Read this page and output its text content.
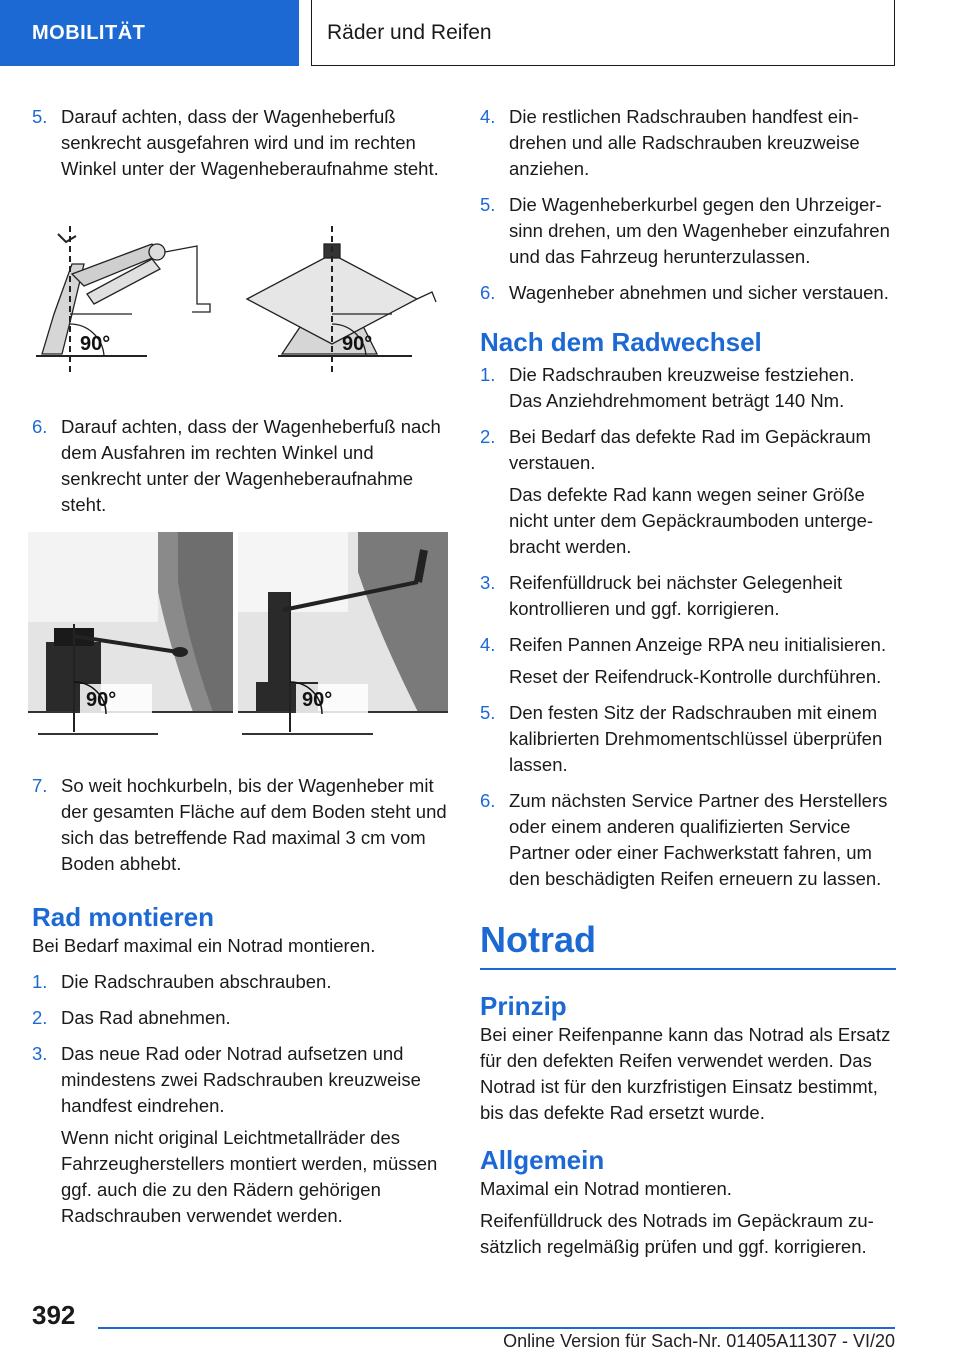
MOBILITÄT	Räder und Reifen
5. Darauf achten, dass der Wagenheberfuß senkrecht ausgefahren wird und im rechten Winkel unter der Wagenheberaufnahme steht.

90°	90°
6. Darauf achten, dass der Wagenheberfuß nach dem Ausfahren im rechten Winkel und senkrecht unter der Wagenheberaufnahme steht.

90°	90°
7. So weit hochkurbeln, bis der Wagenheber mit der gesamten Fläche auf dem Boden steht und sich das betreffende Rad maximal 3 cm vom Boden abhebt.

Rad montieren

Bei Bedarf maximal ein Notrad montieren.

1. Die Radschrauben abschrauben.

2. Das Rad abnehmen.

3. Das neue Rad oder Notrad aufsetzen und mindestens zwei Radschrauben kreuzweise handfest eindrehen.

Wenn nicht original Leichtmetallräder des Fahrzeugherstellers montiert werden, müssen ggf. auch die zu den Rädern gehörigen Radschrauben verwendet werden.

4. Die restlichen Radschrauben handfest eindrehen und alle Radschrauben kreuzweise anziehen.

5. Die Wagenheberkurbel gegen den Uhrzeigersinn drehen, um den Wagenheber einzufahren und das Fahrzeug herunterzulassen.

6. Wagenheber abnehmen und sicher verstauen.

Nach dem Radwechsel
1. Die Radschrauben kreuzweise festziehen.

Das Anziehdrehmoment beträgt 140 Nm.

2. Bei Bedarf das defekte Rad im Gepäckraum verstauen.

Das defekte Rad kann wegen seiner Größe nicht unter dem Gepäckraumboden untergebracht werden.

3. Reifenfülldruck bei nächster Gelegenheit kontrollieren und ggf. korrigieren.

4. Reifen Pannen Anzeige RPA neu initialisieren.

Reset der Reifendruck-Kontrolle durchführen.

5. Den festen Sitz der Radschrauben mit einem kalibrierten Drehmomentschlüssel überprüfen lassen.

6. Zum nächsten Service Partner des Herstellers oder einem anderen qualifizierten Service Partner oder einer Fachwerkstatt fahren, um den beschädigten Reifen erneuern zu lassen.

Notrad
Prinzip

Bei einer Reifenpanne kann das Notrad als Ersatz für den defekten Reifen verwendet werden. Das Notrad ist für den kurzfristigen Einsatz bestimmt, bis das defekte Rad ersetzt wurde.

Allgemein

Maximal ein Notrad montieren.

Reifenfülldruck des Notrads im Gepäckraum zusätzlich regelmäßig prüfen und ggf. korrigieren.

392
Online Version für Sach-Nr. 01405A11307 - VI/20
